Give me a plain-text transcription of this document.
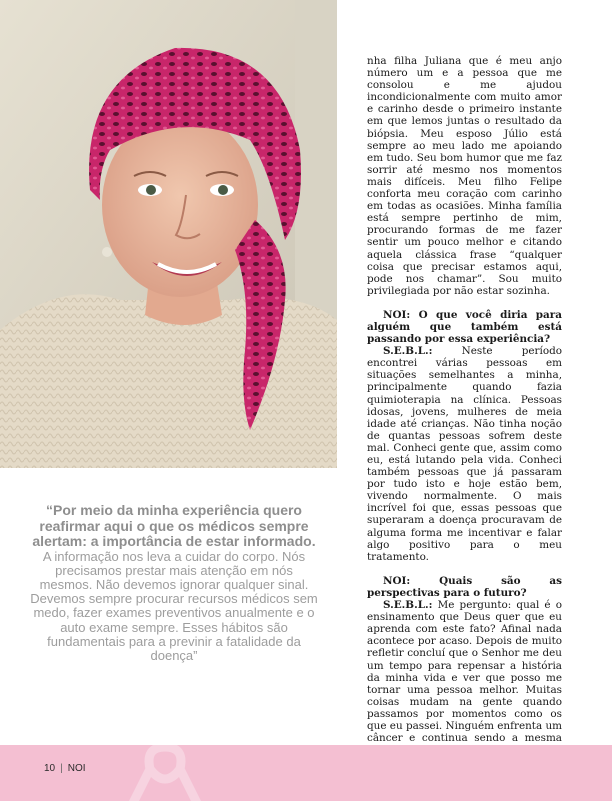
“Por meio da minha experiência quero reafirmar aqui o que os médicos sempre alertam: a importância de estar informado.

A informação nos leva a cuidar do corpo. Nós precisamos prestar mais atenção em nós mesmos. Não devemos ignorar qualquer sinal. Devemos sempre procurar recursos médicos sem medo, fazer exames preventivos anualmente e o auto exame sempre. Esses hábitos são fundamentais para a previnir a fatalidade da doença”

nha filha Juliana que é meu anjo número um e a pessoa que me consolou e me ajudou incondicionalmente com muito amor e carinho desde o primeiro instante em que lemos juntas o resultado da biópsia. Meu esposo Júlio está sempre ao meu lado me apoiando em tudo. Seu bom humor que me faz sorrir até mesmo nos momentos mais difíceis. Meu filho Felipe conforta meu coração com carinho em todas as ocasiões. Minha família está sempre pertinho de mim, procurando formas de me fazer sentir um pouco melhor e citando aquela clássica frase “qualquer coisa que precisar estamos aqui, pode nos chamar”. Sou muito privilegiada por não estar sozinha.

NOI: O que você diria para alguém que também está passando por essa experiência?

S.E.B.L.: Neste período encontrei várias pessoas em situações semelhantes a minha, principalmente quando fazia quimioterapia na clínica. Pessoas idosas, jovens, mulheres de meia idade até crianças. Não tinha noção de quantas pessoas sofrem deste mal. Conheci gente que, assim como eu, está lutando pela vida. Conheci também pessoas que já passaram por tudo isto e hoje estão bem, vivendo normalmente. O mais incrível foi que, essas pessoas que superaram a doença procuravam de alguma forma me incentivar e falar algo positivo para o meu tratamento.

NOI: Quais são as perspectivas para o futuro?

S.E.B.L.: Me pergunto: qual é o ensinamento que Deus quer que eu aprenda com este fato? Afinal nada acontece por acaso. Depois de muito refletir concluí que o Senhor me deu um tempo para repensar a história da minha vida e ver que posso me tornar uma pessoa melhor. Muitas coisas mudam na gente quando passamos por momentos como os que eu passei. Ninguém enfrenta um câncer e continua sendo a mesma

10 | NOI
